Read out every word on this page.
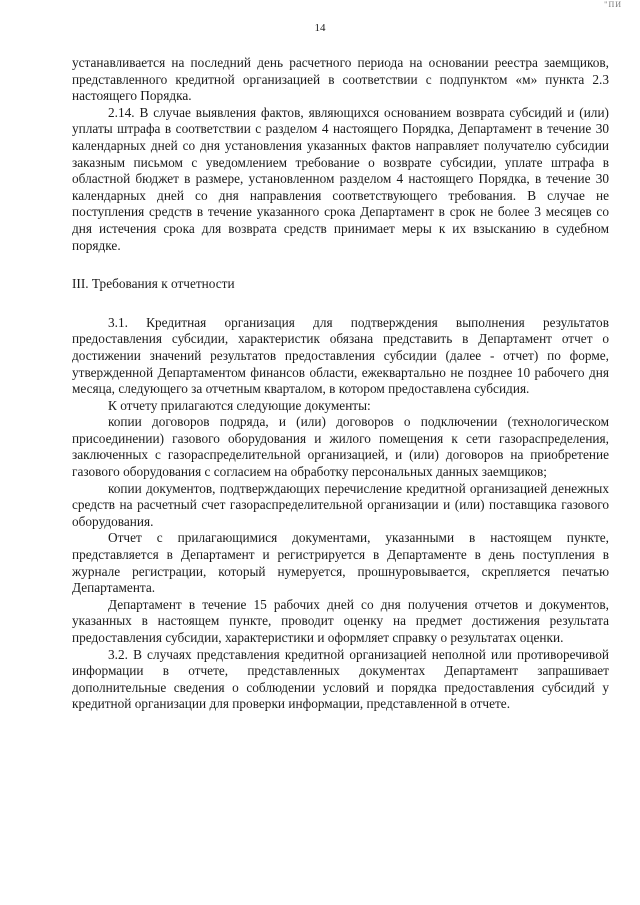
"ПИ
14

устанавливается на последний день расчетного периода на основании реестра заемщиков, представленного кредитной организацией в соответствии с подпунктом «м» пункта 2.3 настоящего Порядка.

2.14. В случае выявления фактов, являющихся основанием возврата субсидий и (или) уплаты штрафа в соответствии с разделом 4 настоящего Порядка, Департамент в течение 30 календарных дней со дня установления указанных фактов направляет получателю субсидии заказным письмом с уведомлением требование о возврате субсидии, уплате штрафа в областной бюджет в размере, установленном разделом 4 настоящего Порядка, в течение 30 календарных дней со дня направления соответствующего требования. В случае не поступления средств в течение указанного срока Департамент в срок не более 3 месяцев со дня истечения срока для возврата средств принимает меры к их взысканию в судебном порядке.

III. Требования к отчетности

3.1. Кредитная организация для подтверждения выполнения результатов предоставления субсидии, характеристик обязана представить в Департамент отчет о достижении значений результатов предоставления субсидии (далее - отчет) по форме, утвержденной Департаментом финансов области, ежеквартально не позднее 10 рабочего дня месяца, следующего за отчетным кварталом, в котором предоставлена субсидия.

К отчету прилагаются следующие документы:

копии договоров подряда, и (или) договоров о подключении (технологическом присоединении) газового оборудования и жилого помещения к сети газораспределения, заключенных с газораспределительной организацией, и (или) договоров на приобретение газового оборудования с согласием на обработку персональных данных заемщиков;

копии документов, подтверждающих перечисление кредитной организацией денежных средств на расчетный счет газораспределительной организации и (или) поставщика газового оборудования.

Отчет с прилагающимися документами, указанными в настоящем пункте, представляется в Департамент и регистрируется в Департаменте в день поступления в журнале регистрации, который нумеруется, прошнуровывается, скрепляется печатью Департамента.

Департамент в течение 15 рабочих дней со дня получения отчетов и документов, указанных в настоящем пункте, проводит оценку на предмет достижения результата предоставления субсидии, характеристики и оформляет справку о результатах оценки.

3.2. В случаях представления кредитной организацией неполной или противоречивой информации в отчете, представленных документах Департамент запрашивает дополнительные сведения о соблюдении условий и порядка предоставления субсидий у кредитной организации для проверки информации, представленной в отчете.
